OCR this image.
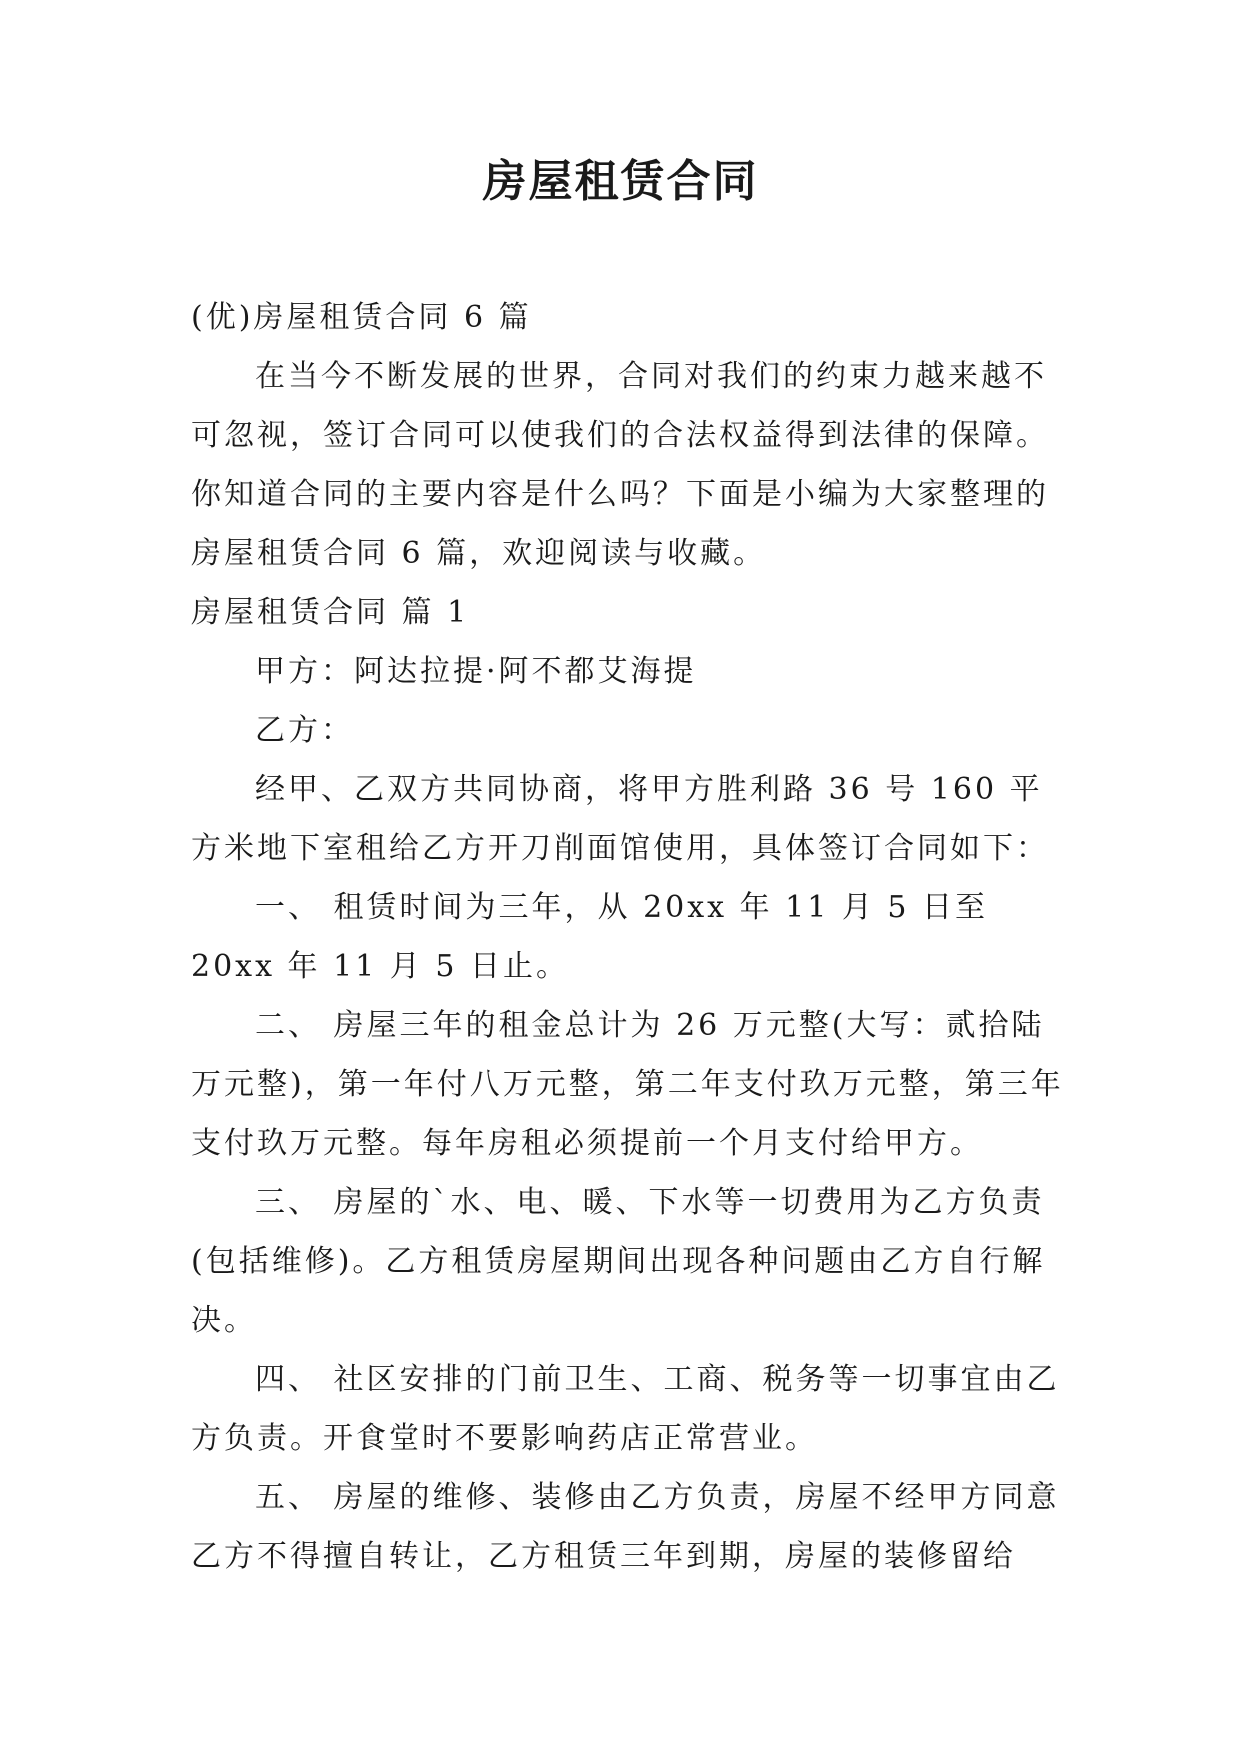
房屋租赁合同

(优)房屋租赁合同 6 篇

在当今不断发展的世界，合同对我们的约束力越来越不可忽视，签订合同可以使我们的合法权益得到法律的保障。你知道合同的主要内容是什么吗？下面是小编为大家整理的房屋租赁合同 6 篇，欢迎阅读与收藏。

房屋租赁合同 篇 1

甲方：阿达拉提·阿不都艾海提

乙方：

经甲、乙双方共同协商，将甲方胜利路 36 号 160 平方米地下室租给乙方开刀削面馆使用，具体签订合同如下：

一、 租赁时间为三年，从 20xx 年 11 月 5 日至 20xx 年 11 月 5 日止。

二、 房屋三年的租金总计为 26 万元整(大写：贰拾陆万元整)，第一年付八万元整，第二年支付玖万元整，第三年支付玖万元整。每年房租必须提前一个月支付给甲方。

三、 房屋的`水、电、暖、下水等一切费用为乙方负责(包括维修)。乙方租赁房屋期间出现各种问题由乙方自行解决。

四、 社区安排的门前卫生、工商、税务等一切事宜由乙方负责。开食堂时不要影响药店正常营业。

五、 房屋的维修、装修由乙方负责，房屋不经甲方同意乙方不得擅自转让，乙方租赁三年到期，房屋的装修留给
